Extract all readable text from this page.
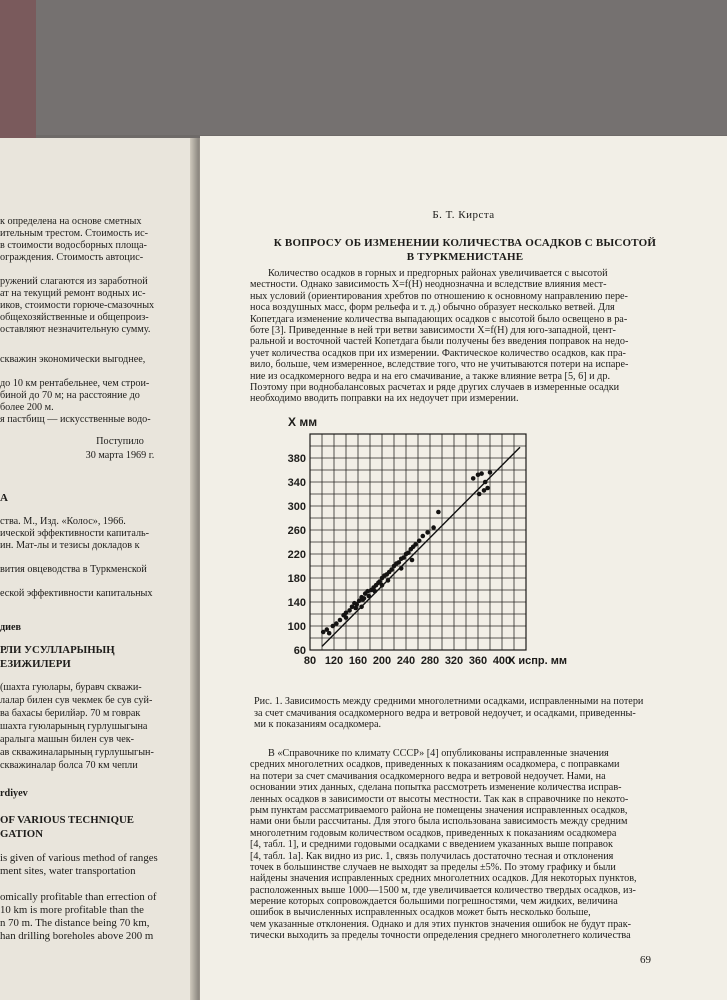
к определена на основе сметных
ительным трестом. Стоимость ис-
в стоимости водосборных площа-
ограждения. Стоимость автоцис-
ружений слагаются из заработной
ат на текущий ремонт водных ис-
иков, стоимости горюче-смазочных
общехозяйственные и общепроиз-
оставляют незначительную сумму.
скважин экономически выгоднее,
до 10 км рентабельнее, чем строи-
биной до 70 м; на расстояние до
более 200 м.
я пастбищ — искусственные водо-
Поступило
30 марта 1969 г.
А
ства. М., Изд. «Колос», 1966.
ической эффективности капиталь-
ин. Мат-лы и тезисы докладов к
вития овцеводства в Туркменской
еской эффективности капитальных
диев
РЛИ УСУЛЛАРЫНЫҢ
ЕЗИЖИЛЕРИ
(шахта гуюлары, буравч скважи-
лалар билен сув чекмек бе сув суй-
ва бахасы берилйәр. 70 м говрак
шахта гуюларының гурлушыгына
аралыга машын билен сув чек-
ав скважиналарының гурлушыгын-
скважиналар болса 70 км чепли
rdiyev
OF VARIOUS TECHNIQUE
GATION
is given of various method of ranges
ment sites, water transportation
omically profitable than errection of
10 km is more profitable than the
n 70 m. The distance being 70 km,
han drilling boreholes above 200 m
Б. Т. Кирста
К ВОПРОСУ ОБ ИЗМЕНЕНИИ КОЛИЧЕСТВА ОСАДКОВ С ВЫСОТОЙ
В ТУРКМЕНИСТАНЕ
Количество осадков в горных и предгорных районах увеличивается с высотой
местности. Однако зависимость X=f(H) неоднозначна и вследствие влияния мест-
ных условий (ориентирования хребтов по отношению к основному направлению пере-
носа воздушных масс, форм рельефа и т. д.) обычно образует несколько ветвей. Для
Копетдага изменение количества выпадающих осадков с высотой было освещено в ра-
боте [3]. Приведенные в ней три ветви зависимости X=f(H) для юго-западной, цент-
ральной и восточной частей Копетдага были получены без введения поправок на недо-
учет количества осадков при их измерении. Фактическое количество осадков, как пра-
вило, больше, чем измеренное, вследствие того, что не учитываются потери на испаре-
ние из осадкомерного ведра и на его смачивание, а также влияние ветра [5, 6] и др.
Поэтому при воднобалансовых расчетах и ряде других случаев в измеренные осадки
необходимо вводить поправки на их недоучет при измерении.
80 120 160 200 240 280 320 360 400
60
100
140
180
220
260
300
340
380
X мм
X испр. мм
Рис. 1. Зависимость между средними многолетними осадками, исправленными на потери
за счет смачивания осадкомерного ведра и ветровой недоучет, и осадками, приведенны-
ми к показаниям осадкомера.
В «Справочнике по климату СССР» [4] опубликованы исправленные значения
средних многолетних осадков, приведенных к показаниям осадкомера, с поправками
на потери за счет смачивания осадкомерного ведра и ветровой недоучет. Нами, на
основании этих данных, сделана попытка рассмотреть изменение количества исправ-
ленных осадков в зависимости от высоты местности. Так как в справочнике по некото-
рым пунктам рассматриваемого района не помещены значения исправленных осадков,
нами они были рассчитаны. Для этого была использована зависимость между средним
многолетним годовым количеством осадков, приведенных к показаниям осадкомера
[4, табл. 1], и средними годовыми осадками с введением указанных выше поправок
[4, табл. 1а]. Как видно из рис. 1, связь получилась достаточно тесная и отклонения
точек в большинстве случаев не выходят за пределы ±5%. По этому графику и были
найдены значения исправленных средних многолетних осадков. Для некоторых пунктов,
расположенных выше 1000—1500 м, где увеличивается количество твердых осадков, из-
мерение которых сопровождается большими погрешностями, чем жидких, величина
ошибок в вычисленных исправленных осадков может быть несколько больше,
чем указанные отклонения. Однако и для этих пунктов значения ошибок не будут прак-
тически выходить за пределы точности определения среднего многолетнего количества
69
